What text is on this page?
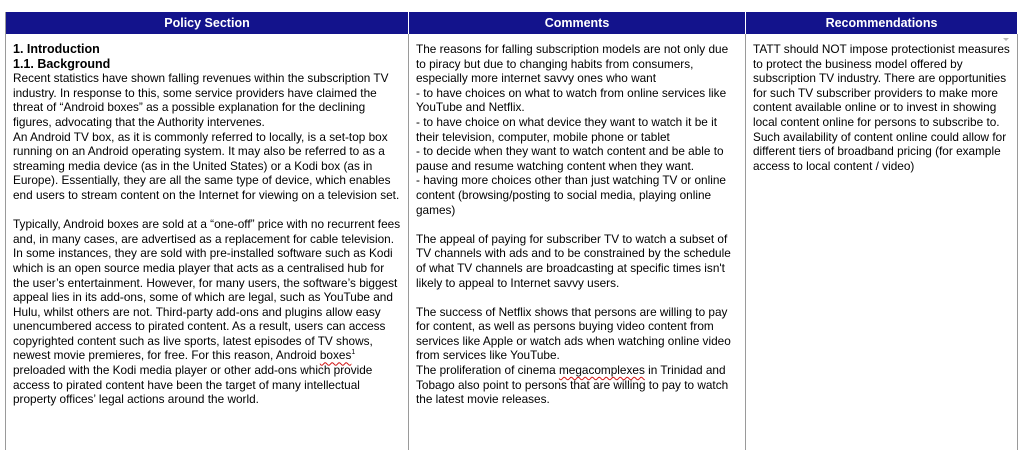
Policy Section	Comments	Recommendations

1. Introduction

1.1. Background

Recent statistics have shown falling revenues within the subscription TV industry. In response to this, some service providers have claimed the threat of “Android boxes” as a possible explanation for the declining figures, advocating that the Authority intervenes.

An Android TV box, as it is commonly referred to locally, is a set-top box running on an Android operating system. It may also be referred to as a streaming media device (as in the United States) or a Kodi box (as in Europe). Essentially, they are all the same type of device, which enables end users to stream content on the Internet for viewing on a television set.

Typically, Android boxes are sold at a “one-off” price with no recurrent fees and, in many cases, are advertised as a replacement for cable television. In some instances, they are sold with pre-installed software such as Kodi which is an open source media player that acts as a centralised hub for the user’s entertainment. However, for many users, the software’s biggest appeal lies in its add-ons, some of which are legal, such as YouTube and Hulu, whilst others are not. Third-party add-ons and plugins allow easy unencumbered access to pirated content. As a result, users can access copyrighted content such as live sports, latest episodes of TV shows, newest movie premieres, for free. For this reason, Android boxes$^1$ preloaded with the Kodi media player or other add-ons which provide access to pirated content have been the target of many intellectual property offices’ legal actions around the world.

The reasons for falling subscription models are not only due to piracy but due to changing habits from consumers, especially more internet savvy ones who want

- to have choices on what to watch from online services like YouTube and Netflix.

- to have choice on what device they want to watch it be it their television, computer, mobile phone or tablet

- to decide when they want to watch content and be able to pause and resume watching content when they want.

- having more choices other than just watching TV or online content (browsing/posting to social media, playing online games)

The appeal of paying for subscriber TV to watch a subset of TV channels with ads and to be constrained by the schedule of what TV channels are broadcasting at specific times isn't likely to appeal to Internet savvy users.

The success of Netflix shows that persons are willing to pay for content, as well as persons buying video content from services like Apple or watch ads when watching online video from services like YouTube.

The proliferation of cinema megacomplexes in Trinidad and Tobago also point to persons that are willing to pay to watch the latest movie releases.

TATT should NOT impose protectionist measures to protect the business model offered by subscription TV industry. There are opportunities for such TV subscriber providers to make more content available online or to invest in showing local content online for persons to subscribe to. Such availability of content online could allow for different tiers of broadband pricing (for example access to local content / video)
